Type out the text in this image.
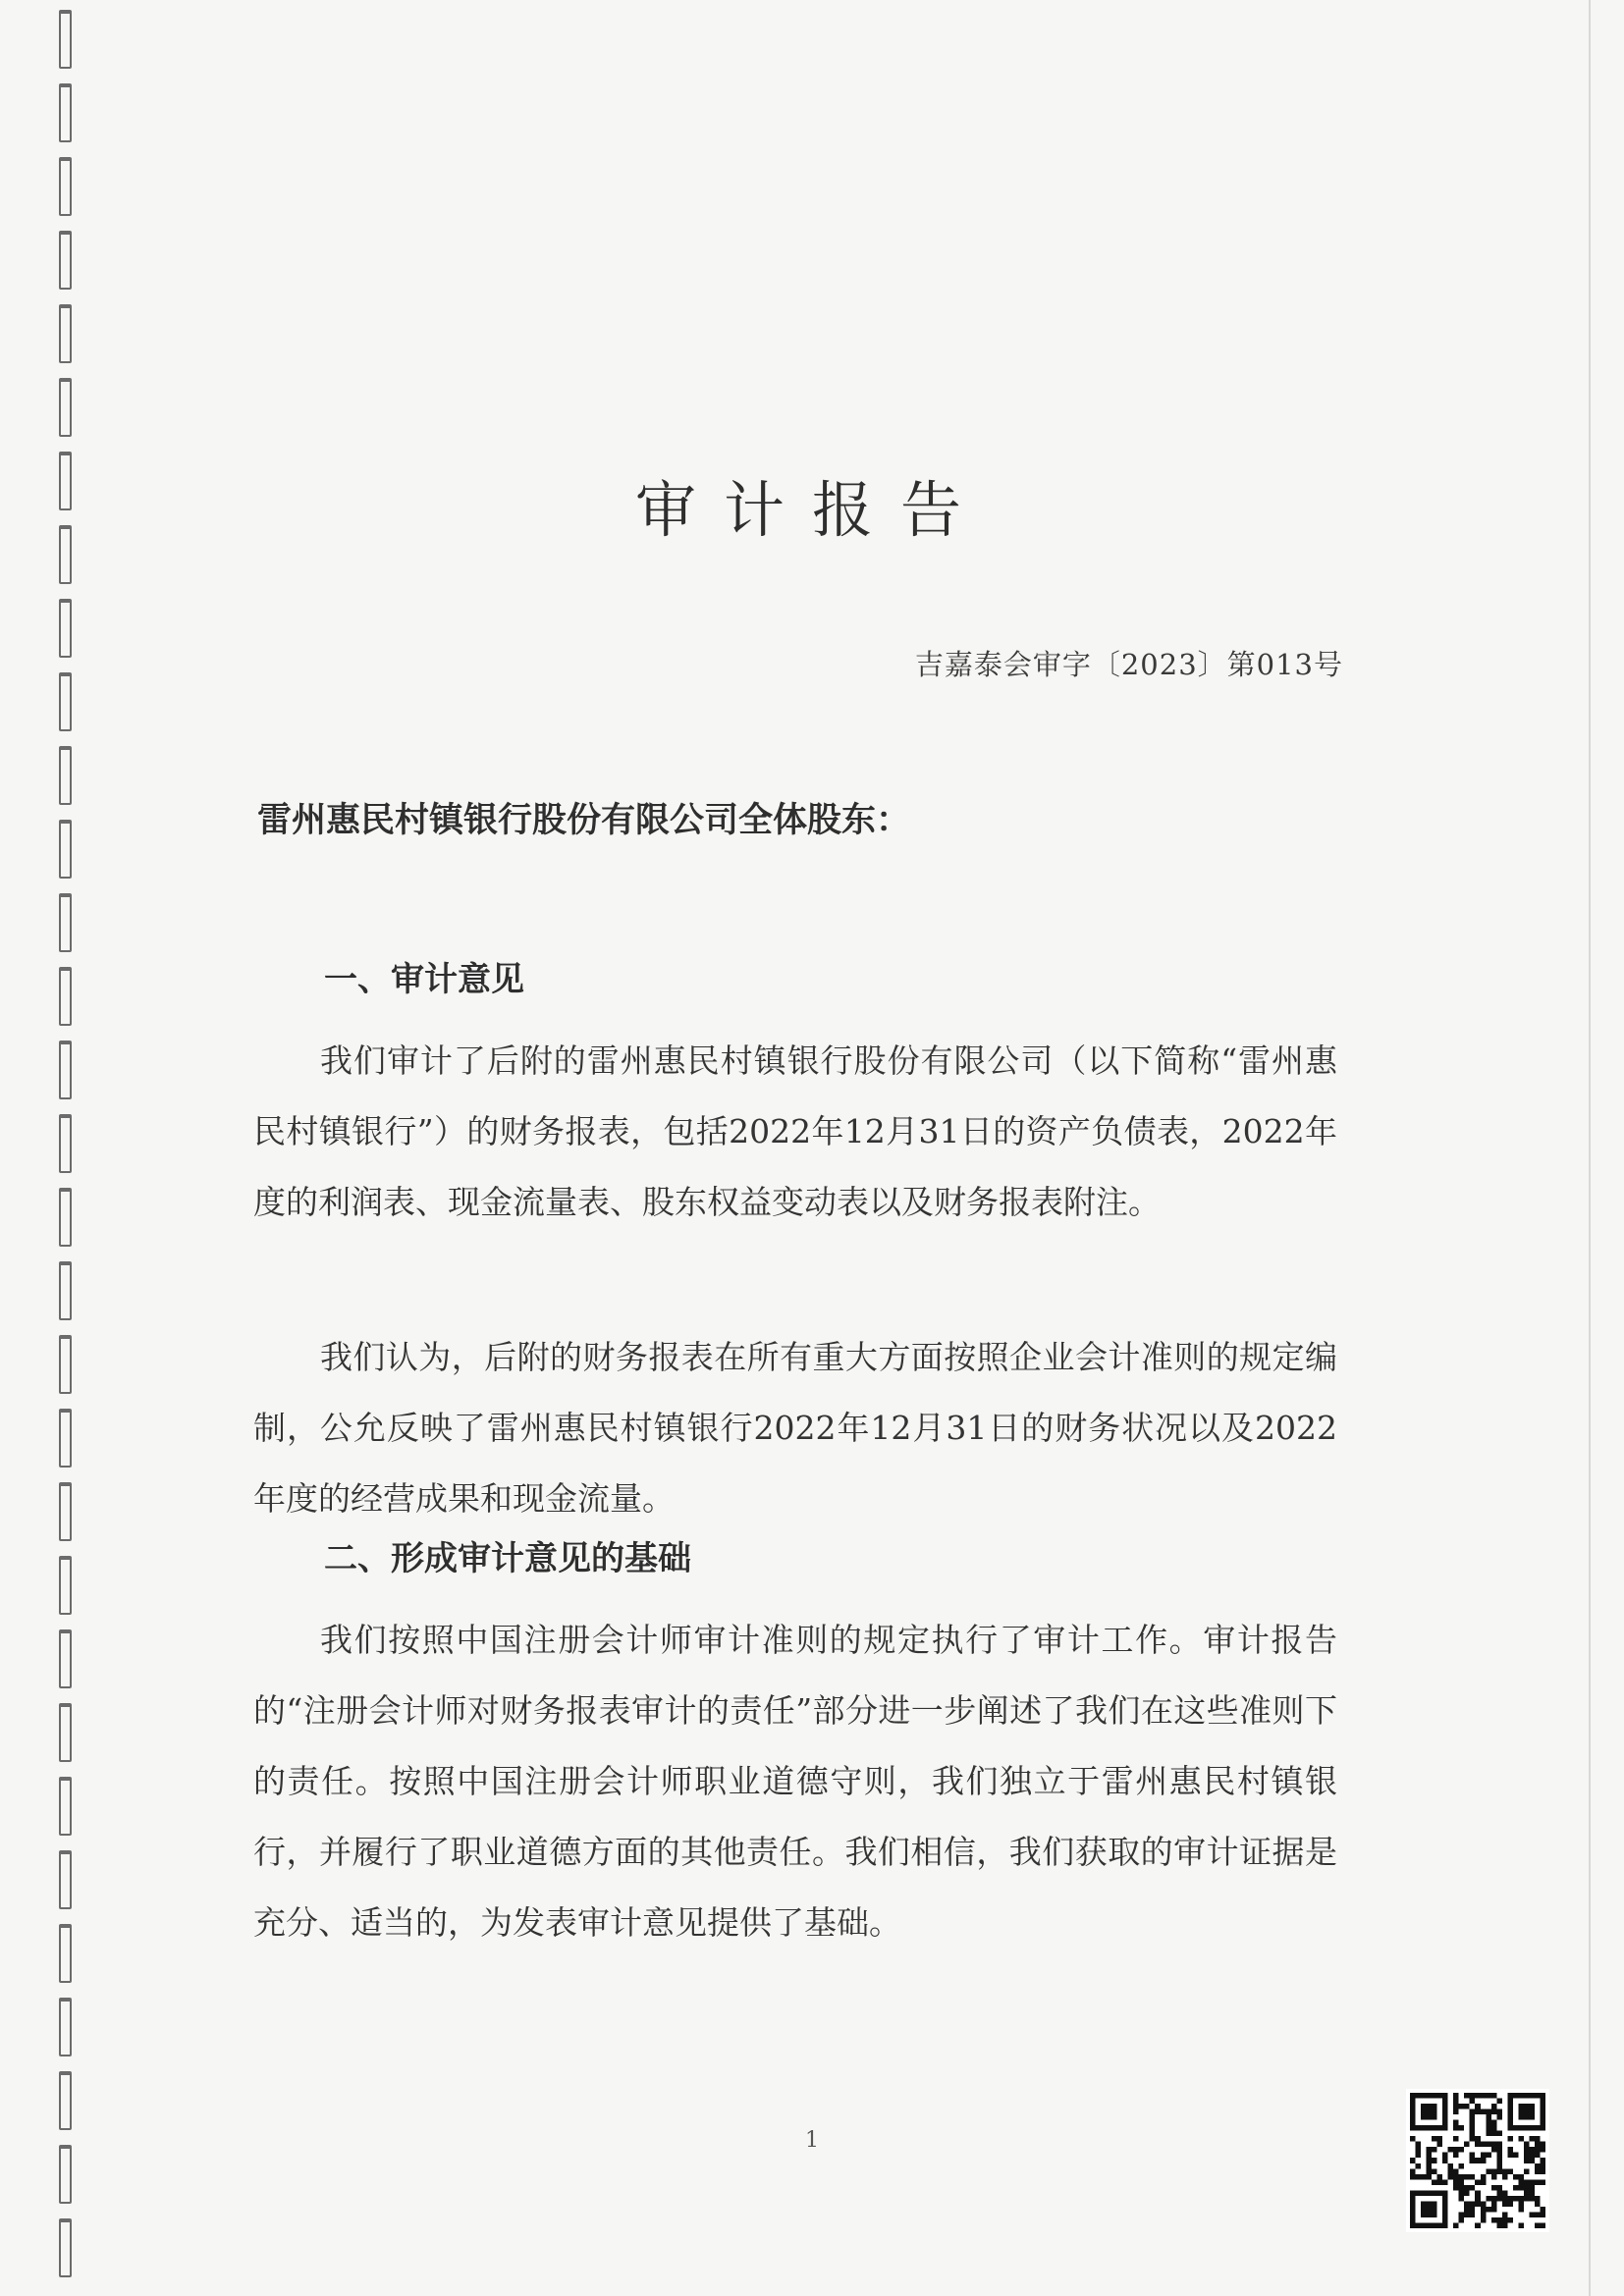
审计报告
吉嘉泰会审字〔2023〕第013号
雷州惠民村镇银行股份有限公司全体股东：
一、审计意见

我们审计了后附的雷州惠民村镇银行股份有限公司（以下简称“雷州惠民村镇银行”）的财务报表，包括2022年12月31日的资产负债表，2022年度的利润表、现金流量表、股东权益变动表以及财务报表附注。

我们认为，后附的财务报表在所有重大方面按照企业会计准则的规定编制，公允反映了雷州惠民村镇银行2022年12月31日的财务状况以及2022年度的经营成果和现金流量。

二、形成审计意见的基础

我们按照中国注册会计师审计准则的规定执行了审计工作。审计报告的“注册会计师对财务报表审计的责任”部分进一步阐述了我们在这些准则下的责任。按照中国注册会计师职业道德守则，我们独立于雷州惠民村镇银行，并履行了职业道德方面的其他责任。我们相信，我们获取的审计证据是充分、适当的，为发表审计意见提供了基础。

1
